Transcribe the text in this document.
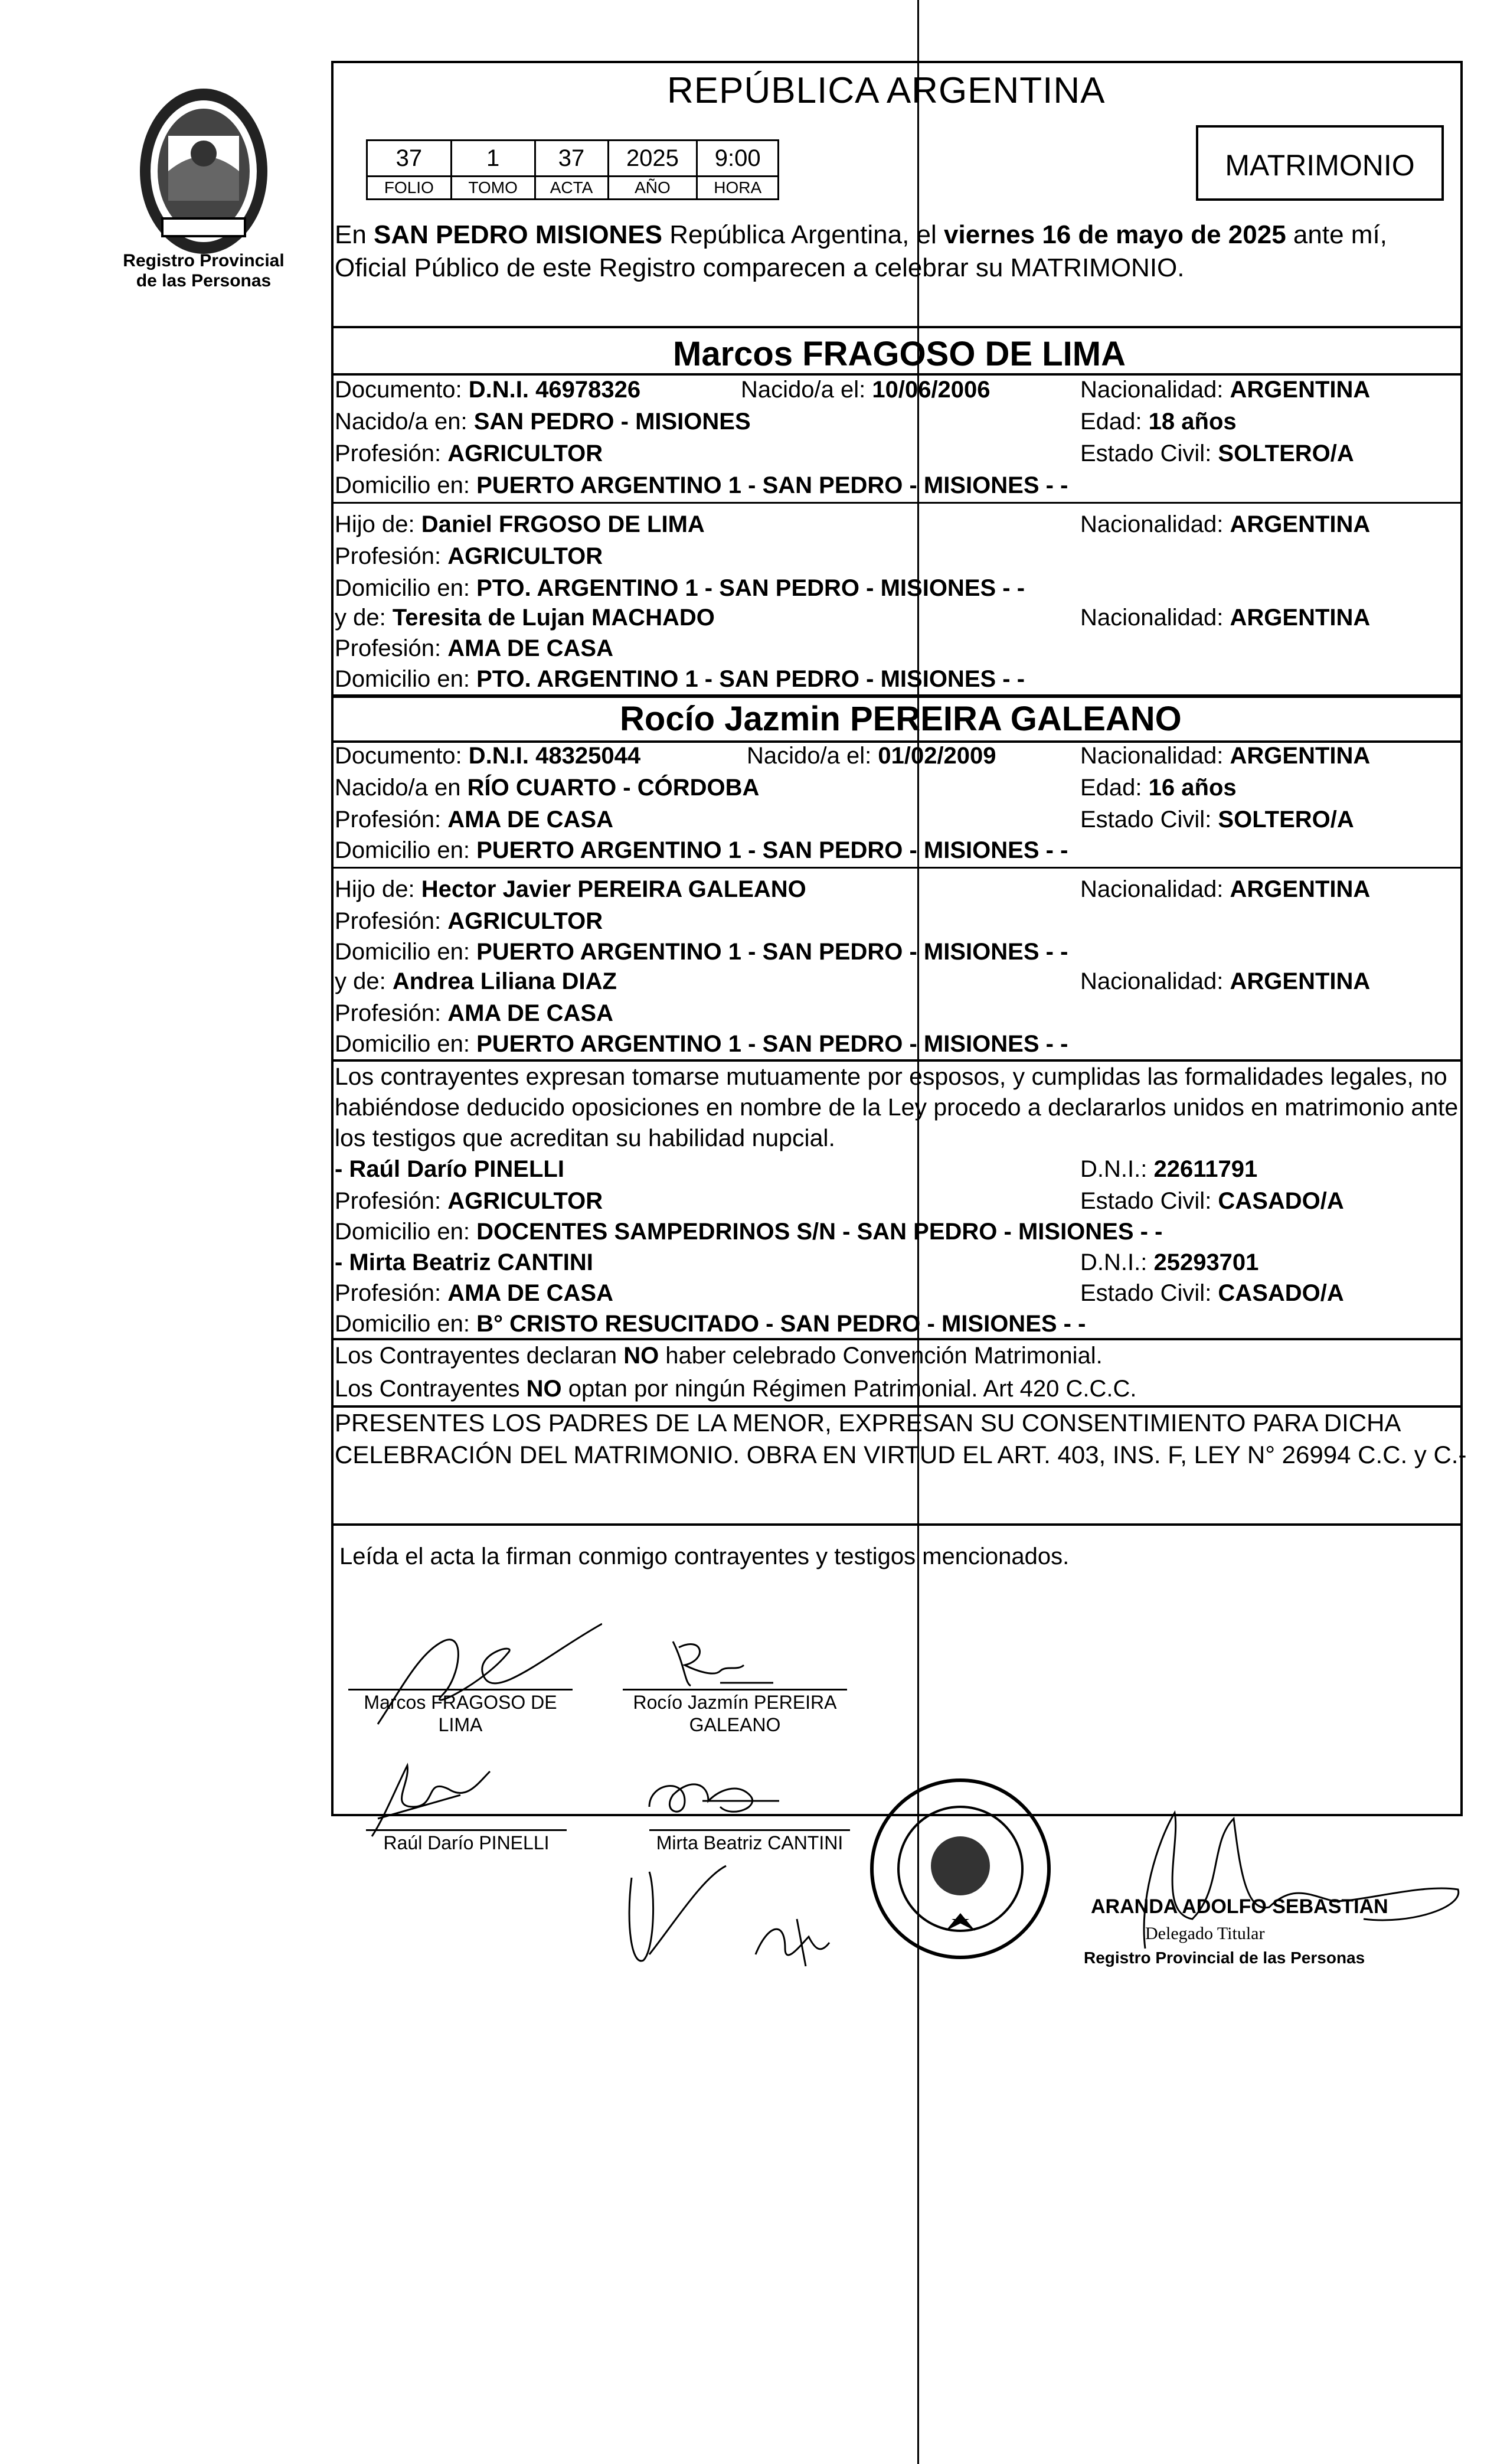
Registro Provincial
de las Personas
REPÚBLICA ARGENTINA
37	1	37	2025	9:00
FOLIO	TOMO	ACTA	AÑO	HORA
MATRIMONIO
En SAN PEDRO MISIONES República Argentina, el viernes 16 de mayo de 2025 ante mí,
Oficial Público de este Registro comparecen a celebrar su MATRIMONIO.
Marcos FRAGOSO DE LIMA
Documento: D.N.I. 46978326	Nacido/a el: 10/06/2006	Nacionalidad: ARGENTINA
Nacido/a en: SAN PEDRO - MISIONES	Edad: 18 años
Profesión: AGRICULTOR	Estado Civil: SOLTERO/A
Domicilio en: PUERTO ARGENTINO 1 - SAN PEDRO - MISIONES - -
Hijo de: Daniel FRGOSO DE LIMA	Nacionalidad: ARGENTINA
Profesión: AGRICULTOR
Domicilio en: PTO. ARGENTINO 1 - SAN PEDRO - MISIONES - -
y de: Teresita de Lujan MACHADO	Nacionalidad: ARGENTINA
Profesión: AMA DE CASA
Domicilio en: PTO. ARGENTINO 1 - SAN PEDRO - MISIONES - -
Rocío Jazmin PEREIRA GALEANO
Documento: D.N.I. 48325044	Nacido/a el: 01/02/2009	Nacionalidad: ARGENTINA
Nacido/a en RÍO CUARTO - CÓRDOBA	Edad: 16 años
Profesión: AMA DE CASA	Estado Civil: SOLTERO/A
Domicilio en: PUERTO ARGENTINO 1 - SAN PEDRO - MISIONES - -
Hijo de: Hector Javier PEREIRA GALEANO	Nacionalidad: ARGENTINA
Profesión: AGRICULTOR
Domicilio en: PUERTO ARGENTINO 1 - SAN PEDRO - MISIONES - -
y de: Andrea Liliana DIAZ	Nacionalidad: ARGENTINA
Profesión: AMA DE CASA
Domicilio en: PUERTO ARGENTINO 1 - SAN PEDRO - MISIONES - -
Los contrayentes expresan tomarse mutuamente por esposos, y cumplidas las formalidades legales, no
habiéndose deducido oposiciones en nombre de la Ley procedo a declararlos unidos en matrimonio ante
los testigos que acreditan su habilidad nupcial.
- Raúl Darío PINELLI	D.N.I.: 22611791
Profesión: AGRICULTOR	Estado Civil: CASADO/A
Domicilio en: DOCENTES SAMPEDRINOS S/N - SAN PEDRO - MISIONES - -
- Mirta Beatriz CANTINI	D.N.I.: 25293701
Profesión: AMA DE CASA	Estado Civil: CASADO/A
Domicilio en: B° CRISTO RESUCITADO - SAN PEDRO - MISIONES - -
Los Contrayentes declaran NO haber celebrado Convención Matrimonial.
Los Contrayentes NO optan por ningún Régimen Patrimonial. Art 420 C.C.C.
PRESENTES LOS PADRES DE LA MENOR, EXPRESAN SU CONSENTIMIENTO PARA DICHA
CELEBRACIÓN DEL MATRIMONIO. OBRA EN VIRTUD EL ART. 403, INS. F, LEY N° 26994 C.C. y C.-
Leída el acta la firman conmigo contrayentes y testigos mencionados.
Marcos FRAGOSO DE
LIMA
Rocío Jazmín PEREIRA
GALEANO
Raúl Darío PINELLI	Mirta Beatriz CANTINI
ARANDA ADOLFO SEBASTIAN
Delegado Titular
Registro Provincial de las Personas
